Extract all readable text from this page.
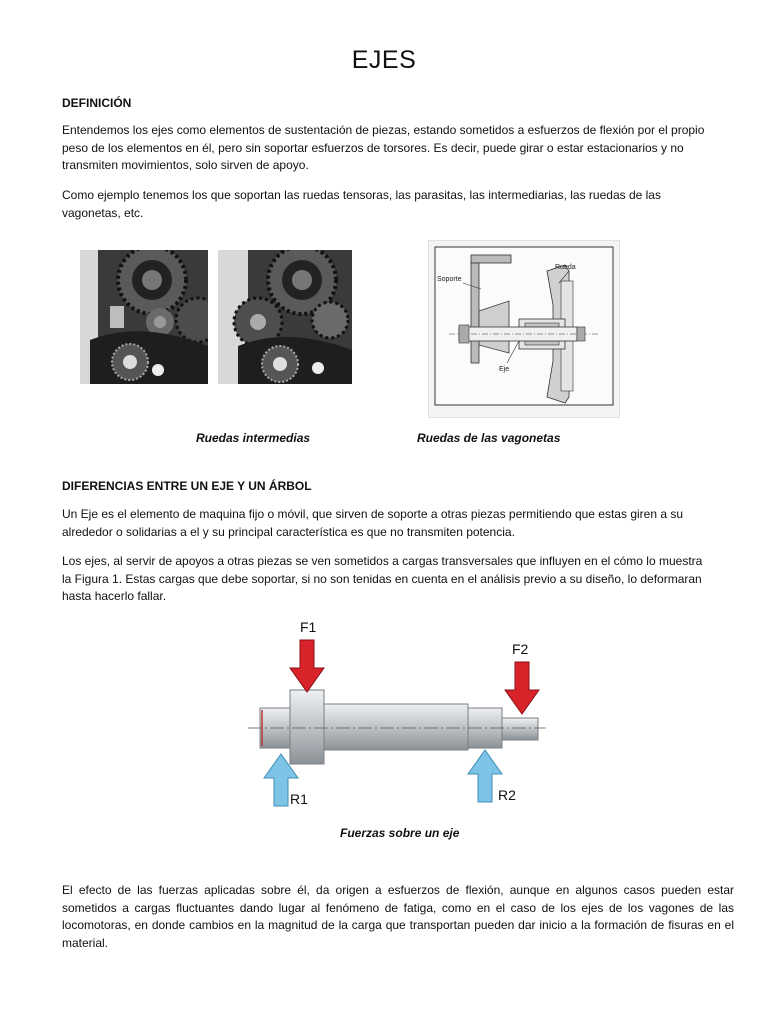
EJES
DEFINICIÓN
Entendemos los ejes como elementos de sustentación de piezas, estando sometidos a esfuerzos de flexión por el propio peso de los elementos en él, pero sin soportar esfuerzos de torsores. Es decir, puede girar o estar estacionarios y no transmiten movimientos, solo sirven de apoyo.
Como ejemplo tenemos los que soportan las ruedas tensoras, las parasitas, las intermediarias, las ruedas de las vagonetas, etc.
Soporte
Rueda
Eje
Ruedas intermedias	Ruedas de las vagonetas
DIFERENCIAS ENTRE UN EJE Y UN ÁRBOL
Un Eje es el elemento de maquina fijo o móvil, que sirven de soporte a otras piezas permitiendo que estas giren a su alrededor o solidarias a el y su principal característica es que no transmiten potencia.
Los ejes, al servir de apoyos a otras piezas se ven sometidos a cargas transversales que influyen en el cómo lo muestra la Figura 1. Estas cargas que debe soportar, si no son tenidas en cuenta en el análisis previo a su diseño, lo deformaran hasta hacerlo fallar.
F1
F2
R1	R2
Fuerzas sobre un eje
El efecto de las fuerzas aplicadas sobre él, da origen a esfuerzos de flexión, aunque en algunos casos pueden estar sometidos a cargas fluctuantes dando lugar al fenómeno de fatiga, como en el caso de los ejes de los vagones de las locomotoras, en donde cambios en la magnitud de la carga que transportan pueden dar inicio a la formación de fisuras en el material.
